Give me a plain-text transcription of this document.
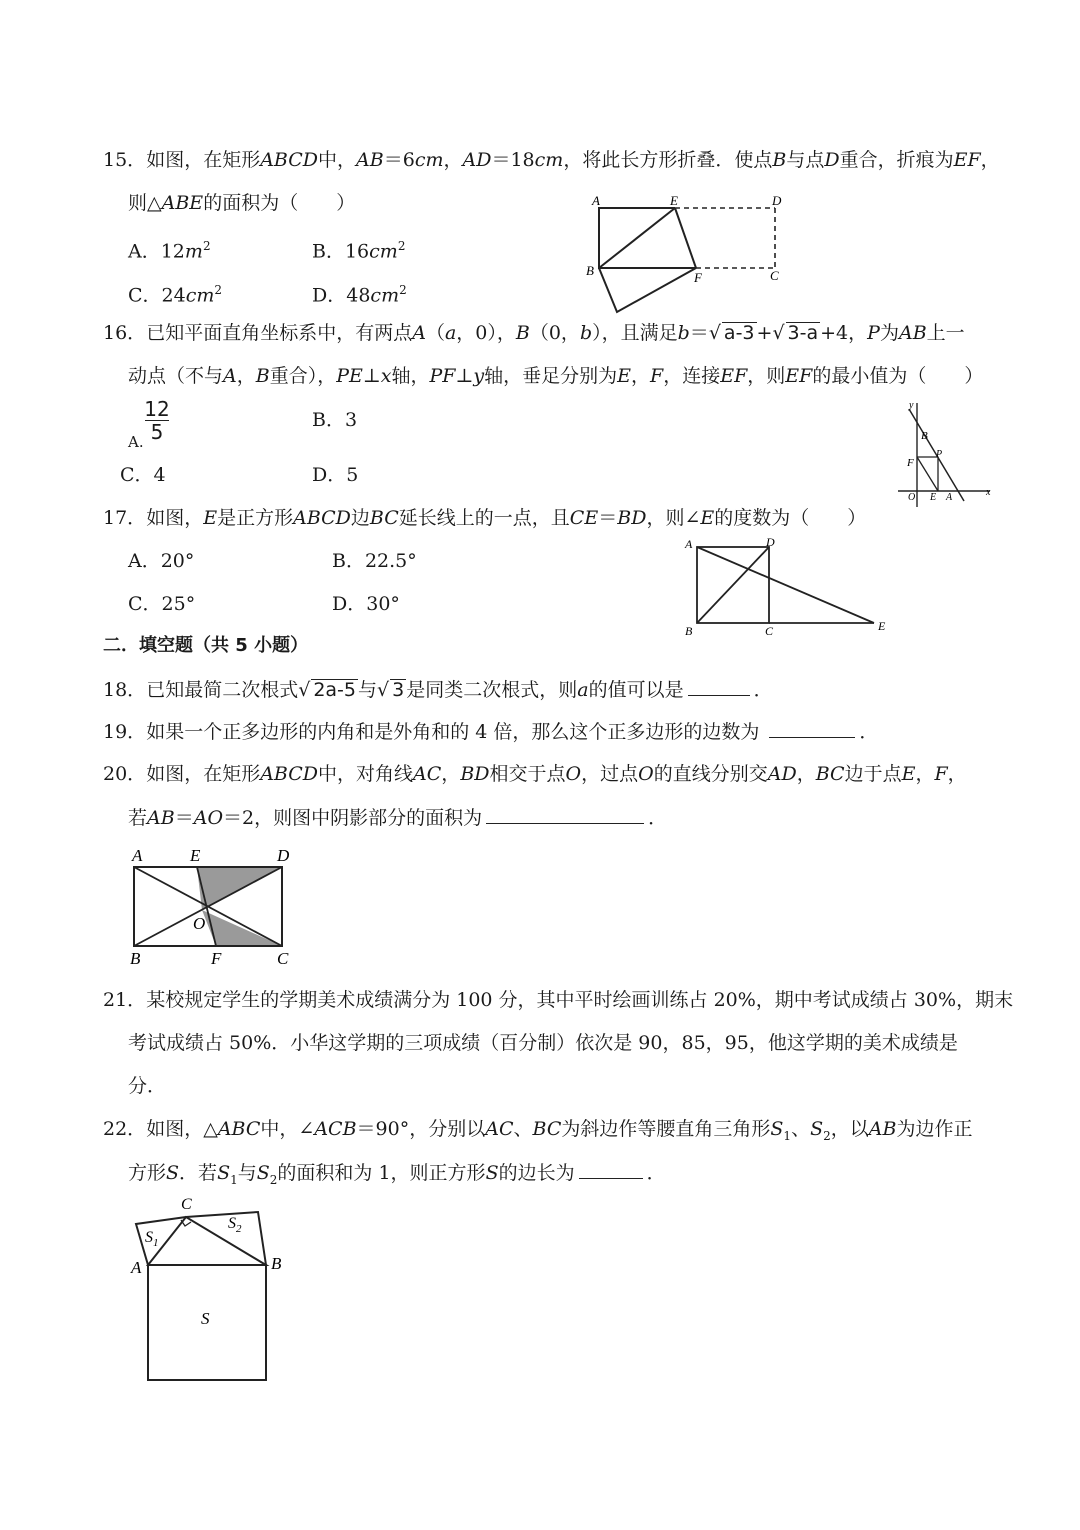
15．如图，在矩形ABCD中，AB＝6cm，AD＝18cm，将此长方形折叠．使点B与点D重合，折痕为EF，
则△ABE的面积为（　　）
A．$12m^2$	B．$16cm^2$
C．$24cm^2$	D．$48cm^2$
A	E	D
B	F	C
16．已知平面直角坐标系中，有两点A（a，0），B（0，b），且满足b＝√ a-3 +√ 3-a +4，P为AB上一
动点（不与A，B重合），PE⊥x轴，PF⊥y轴，垂足分别为E，F，连接EF，则EF的最小值为（　　）
A.
12
5	B．3
C．4	D．5
y
B
P
F
O E A	x
17．如图，E是正方形ABCD边BC延长线上的一点，且CE＝BD，则∠E的度数为（　　）
A．20°	B．22.5°
C．25°	D．30°
A	D
B	C	E
二．填空题（共 5 小题）
18．已知最简二次根式√ 2a-5 与√ 3 是同类二次根式，则a的值可以是	．
19．如果一个正多边形的内角和是外角和的 4 倍，那么这个正多边形的边数为	．
20．如图，在矩形ABCD中，对角线AC，BD相交于点O，过点O的直线分别交AD，BC边于点E，F，
若AB＝AO＝2，则图中阴影部分的面积为	．
A	E	D
O
B	F	C
21．某校规定学生的学期美术成绩满分为 100 分，其中平时绘画训练占 20%，期中考试成绩占 30%，期末
考试成绩占 50%．小华这学期的三项成绩（百分制）依次是 90，85，95，他这学期的美术成绩是
分．
22．如图，△ABC中，∠ACB＝90°，分别以AC、BC为斜边作等腰直角三角形$S_1$、$S_2$，以AB为边作正
方形S．若$S_1$与$S_2$的面积和为 1，则正方形S的边长为	．
C
$S_1$
$S_2$
A	B
S
